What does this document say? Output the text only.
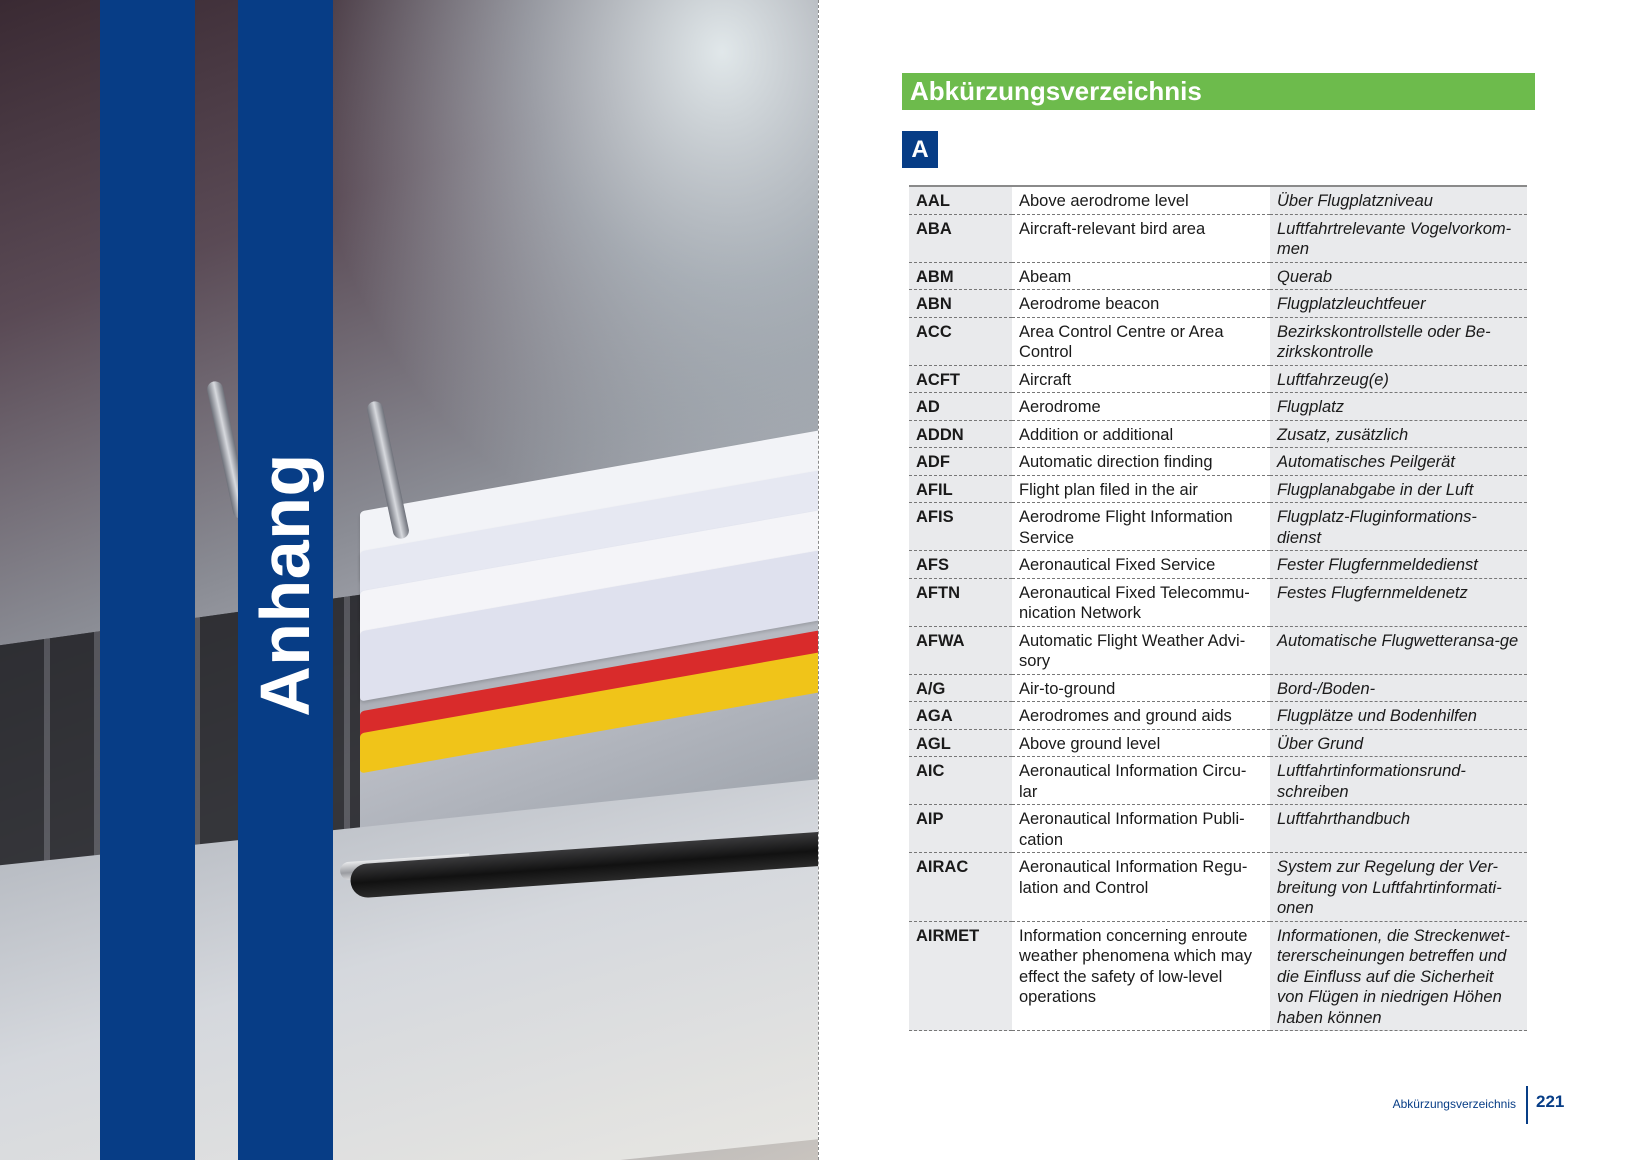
Anhang
Abkürzungsverzeichnis
A
AAL	Above aerodrome level	Über Flugplatzniveau
ABA	Aircraft-relevant bird area	Luftfahrtrelevante Vogelvorkom-men
ABM	Abeam	Querab
ABN	Aerodrome beacon	Flugplatzleuchtfeuer
ACC	Area Control Centre or Area Control	Bezirkskontrollstelle oder Be-zirkskontrolle
ACFT	Aircraft	Luftfahrzeug(e)
AD	Aerodrome	Flugplatz
ADDN	Addition or additional	Zusatz, zusätzlich
ADF	Automatic direction finding	Automatisches Peilgerät
AFIL	Flight plan filed in the air	Flugplanabgabe in der Luft
AFIS	Aerodrome Flight Information Service	Flugplatz-Fluginformations-dienst
AFS	Aeronautical Fixed Service	Fester Flugfernmeldedienst
AFTN	Aeronautical Fixed Telecommu-nication Network	Festes Flugfernmeldenetz
AFWA	Automatic Flight Weather Advi-sory	Automatische Flugwetteransa-ge
A/G	Air-to-ground	Bord-/Boden-
AGA	Aerodromes and ground aids	Flugplätze und Bodenhilfen
AGL	Above ground level	Über Grund
AIC	Aeronautical Information Circu-lar	Luftfahrtinformationsrund-schreiben
AIP	Aeronautical Information Publi-cation	Luftfahrthandbuch
AIRAC	Aeronautical Information Regu-lation and Control	System zur Regelung der Ver-breitung von Luftfahrtinformati-onen
AIRMET	Information concerning enroute weather phenomena which may effect the safety of low-level operations	Informationen, die Streckenwet-tererscheinungen betreffen und die Einfluss auf die Sicherheit von Flügen in niedrigen Höhen haben können
Abkürzungsverzeichnis 221
